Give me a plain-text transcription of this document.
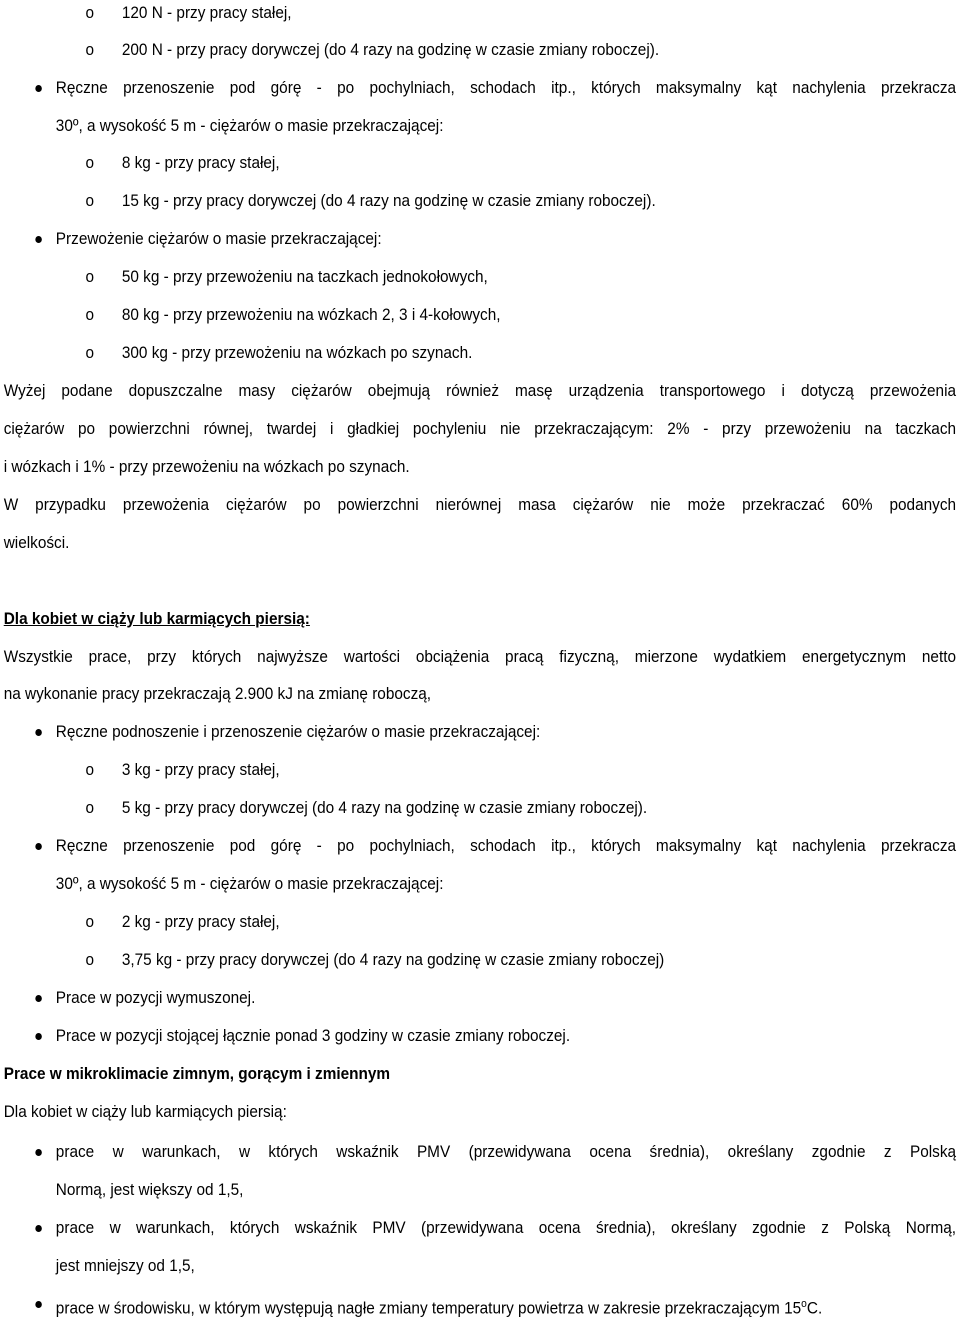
o 120 N - przy pracy stałej,
o 200 N - przy pracy dorywczej (do 4 razy na godzinę w czasie zmiany roboczej).
Ręczne przenoszenie pod górę - po pochylniach, schodach itp., których maksymalny kąt nachylenia przekracza
30º, a wysokość 5 m - ciężarów o masie przekraczającej:
o 8 kg - przy pracy stałej,
o 15 kg - przy pracy dorywczej (do 4 razy na godzinę w czasie zmiany roboczej).
Przewożenie ciężarów o masie przekraczającej:
o 50 kg - przy przewożeniu na taczkach jednokołowych,
o 80 kg - przy przewożeniu na wózkach 2, 3 i 4-kołowych,
o 300 kg - przy przewożeniu na wózkach po szynach.
Wyżej podane dopuszczalne masy ciężarów obejmują również masę urządzenia transportowego i dotyczą przewożenia
ciężarów po powierzchni równej, twardej i gładkiej pochyleniu nie przekraczającym: 2% - przy przewożeniu na taczkach
i wózkach i 1% - przy przewożeniu na wózkach po szynach.
W przypadku przewożenia ciężarów po powierzchni nierównej masa ciężarów nie może przekraczać 60% podanych
wielkości.
Dla kobiet w ciąży lub karmiących piersią:
Wszystkie prace, przy których najwyższe wartości obciążenia pracą fizyczną, mierzone wydatkiem energetycznym netto
na wykonanie pracy przekraczają 2.900 kJ na zmianę roboczą,
Ręczne podnoszenie i przenoszenie ciężarów o masie przekraczającej:
o 3 kg - przy pracy stałej,
o 5 kg - przy pracy dorywczej (do 4 razy na godzinę w czasie zmiany roboczej).
Ręczne przenoszenie pod górę - po pochylniach, schodach itp., których maksymalny kąt nachylenia przekracza
30º, a wysokość 5 m - ciężarów o masie przekraczającej:
o 2 kg - przy pracy stałej,
o 3,75 kg - przy pracy dorywczej (do 4 razy na godzinę w czasie zmiany roboczej)
Prace w pozycji wymuszonej.
Prace w pozycji stojącej łącznie ponad 3 godziny w czasie zmiany roboczej.
Prace w mikroklimacie zimnym, gorącym i zmiennym
Dla kobiet w ciąży lub karmiących piersią:
prace w warunkach, w których wskaźnik PMV (przewidywana ocena średnia), określany zgodnie z Polską
Normą, jest większy od 1,5,
prace w warunkach, których wskaźnik PMV (przewidywana ocena średnia), określany zgodnie z Polską Normą,
jest mniejszy od 1,5,
prace w środowisku, w którym występują nagłe zmiany temperatury powietrza w zakresie przekraczającym 15$^o$C.
